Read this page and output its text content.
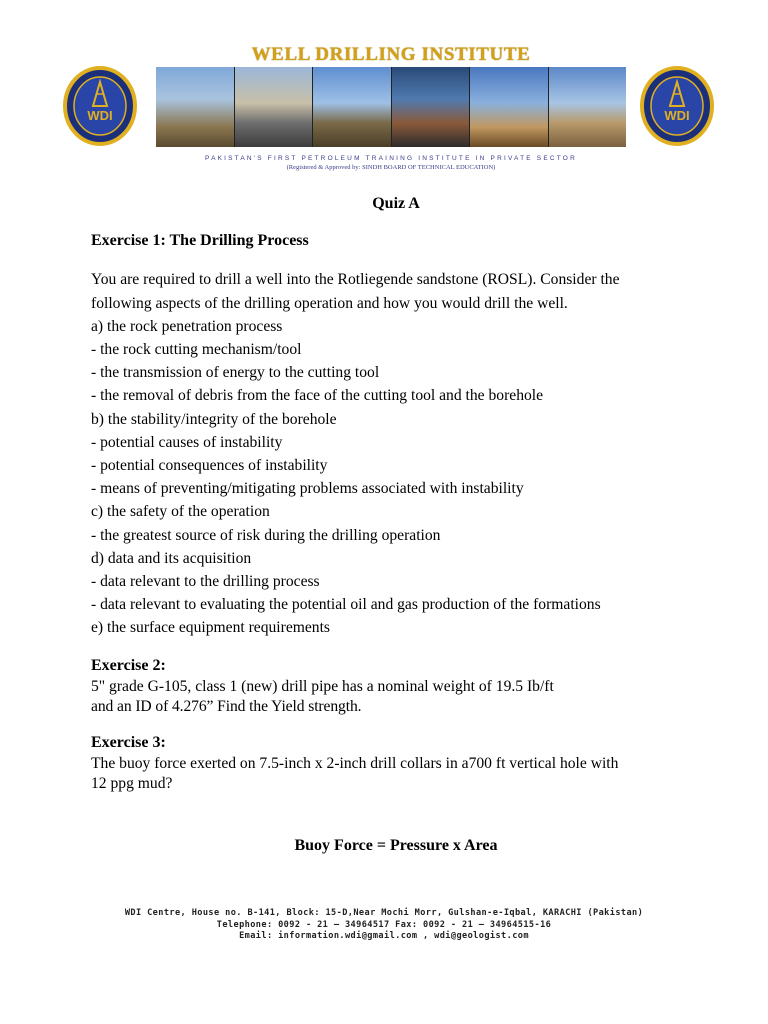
WDI
WELL DRILLING INSTITUTE
WDI
PAKISTAN'S FIRST PETROLEUM TRAINING INSTITUTE IN PRIVATE SECTOR
(Registered & Approved by: SINDH BOARD OF TECHNICAL EDUCATION)

Quiz A

Exercise 1: The Drilling Process

You are required to drill a well into the Rotliegende sandstone (ROSL). Consider the

following aspects of the drilling operation and how you would drill the well.

a) the rock penetration process

- the rock cutting mechanism/tool

- the transmission of energy to the cutting tool

- the removal of debris from the face of the cutting tool and the borehole

b) the stability/integrity of the borehole

- potential causes of instability

- potential consequences of instability

- means of preventing/mitigating problems associated with instability

c) the safety of the operation

- the greatest source of risk during the drilling operation

d) data and its acquisition

- data relevant to the drilling process

- data relevant to evaluating the potential oil and gas production of the formations

e) the surface equipment requirements

Exercise 2:

5" grade G-105, class 1 (new) drill pipe has a nominal weight of 19.5 Ib/ft

and an ID of 4.276” Find the Yield strength.

Exercise 3:

The buoy force exerted on 7.5-inch x 2-inch drill collars in a700 ft vertical hole with

12 ppg mud?

Buoy Force = Pressure x Area

WDI Centre, House no. B-141, Block: 15-D,Near Mochi Morr, Gulshan-e-Iqbal, KARACHI (Pakistan)
Telephone: 0092 - 21 – 34964517 Fax: 0092 - 21 – 34964515-16
Email: information.wdi@gmail.com , wdi@geologist.com
